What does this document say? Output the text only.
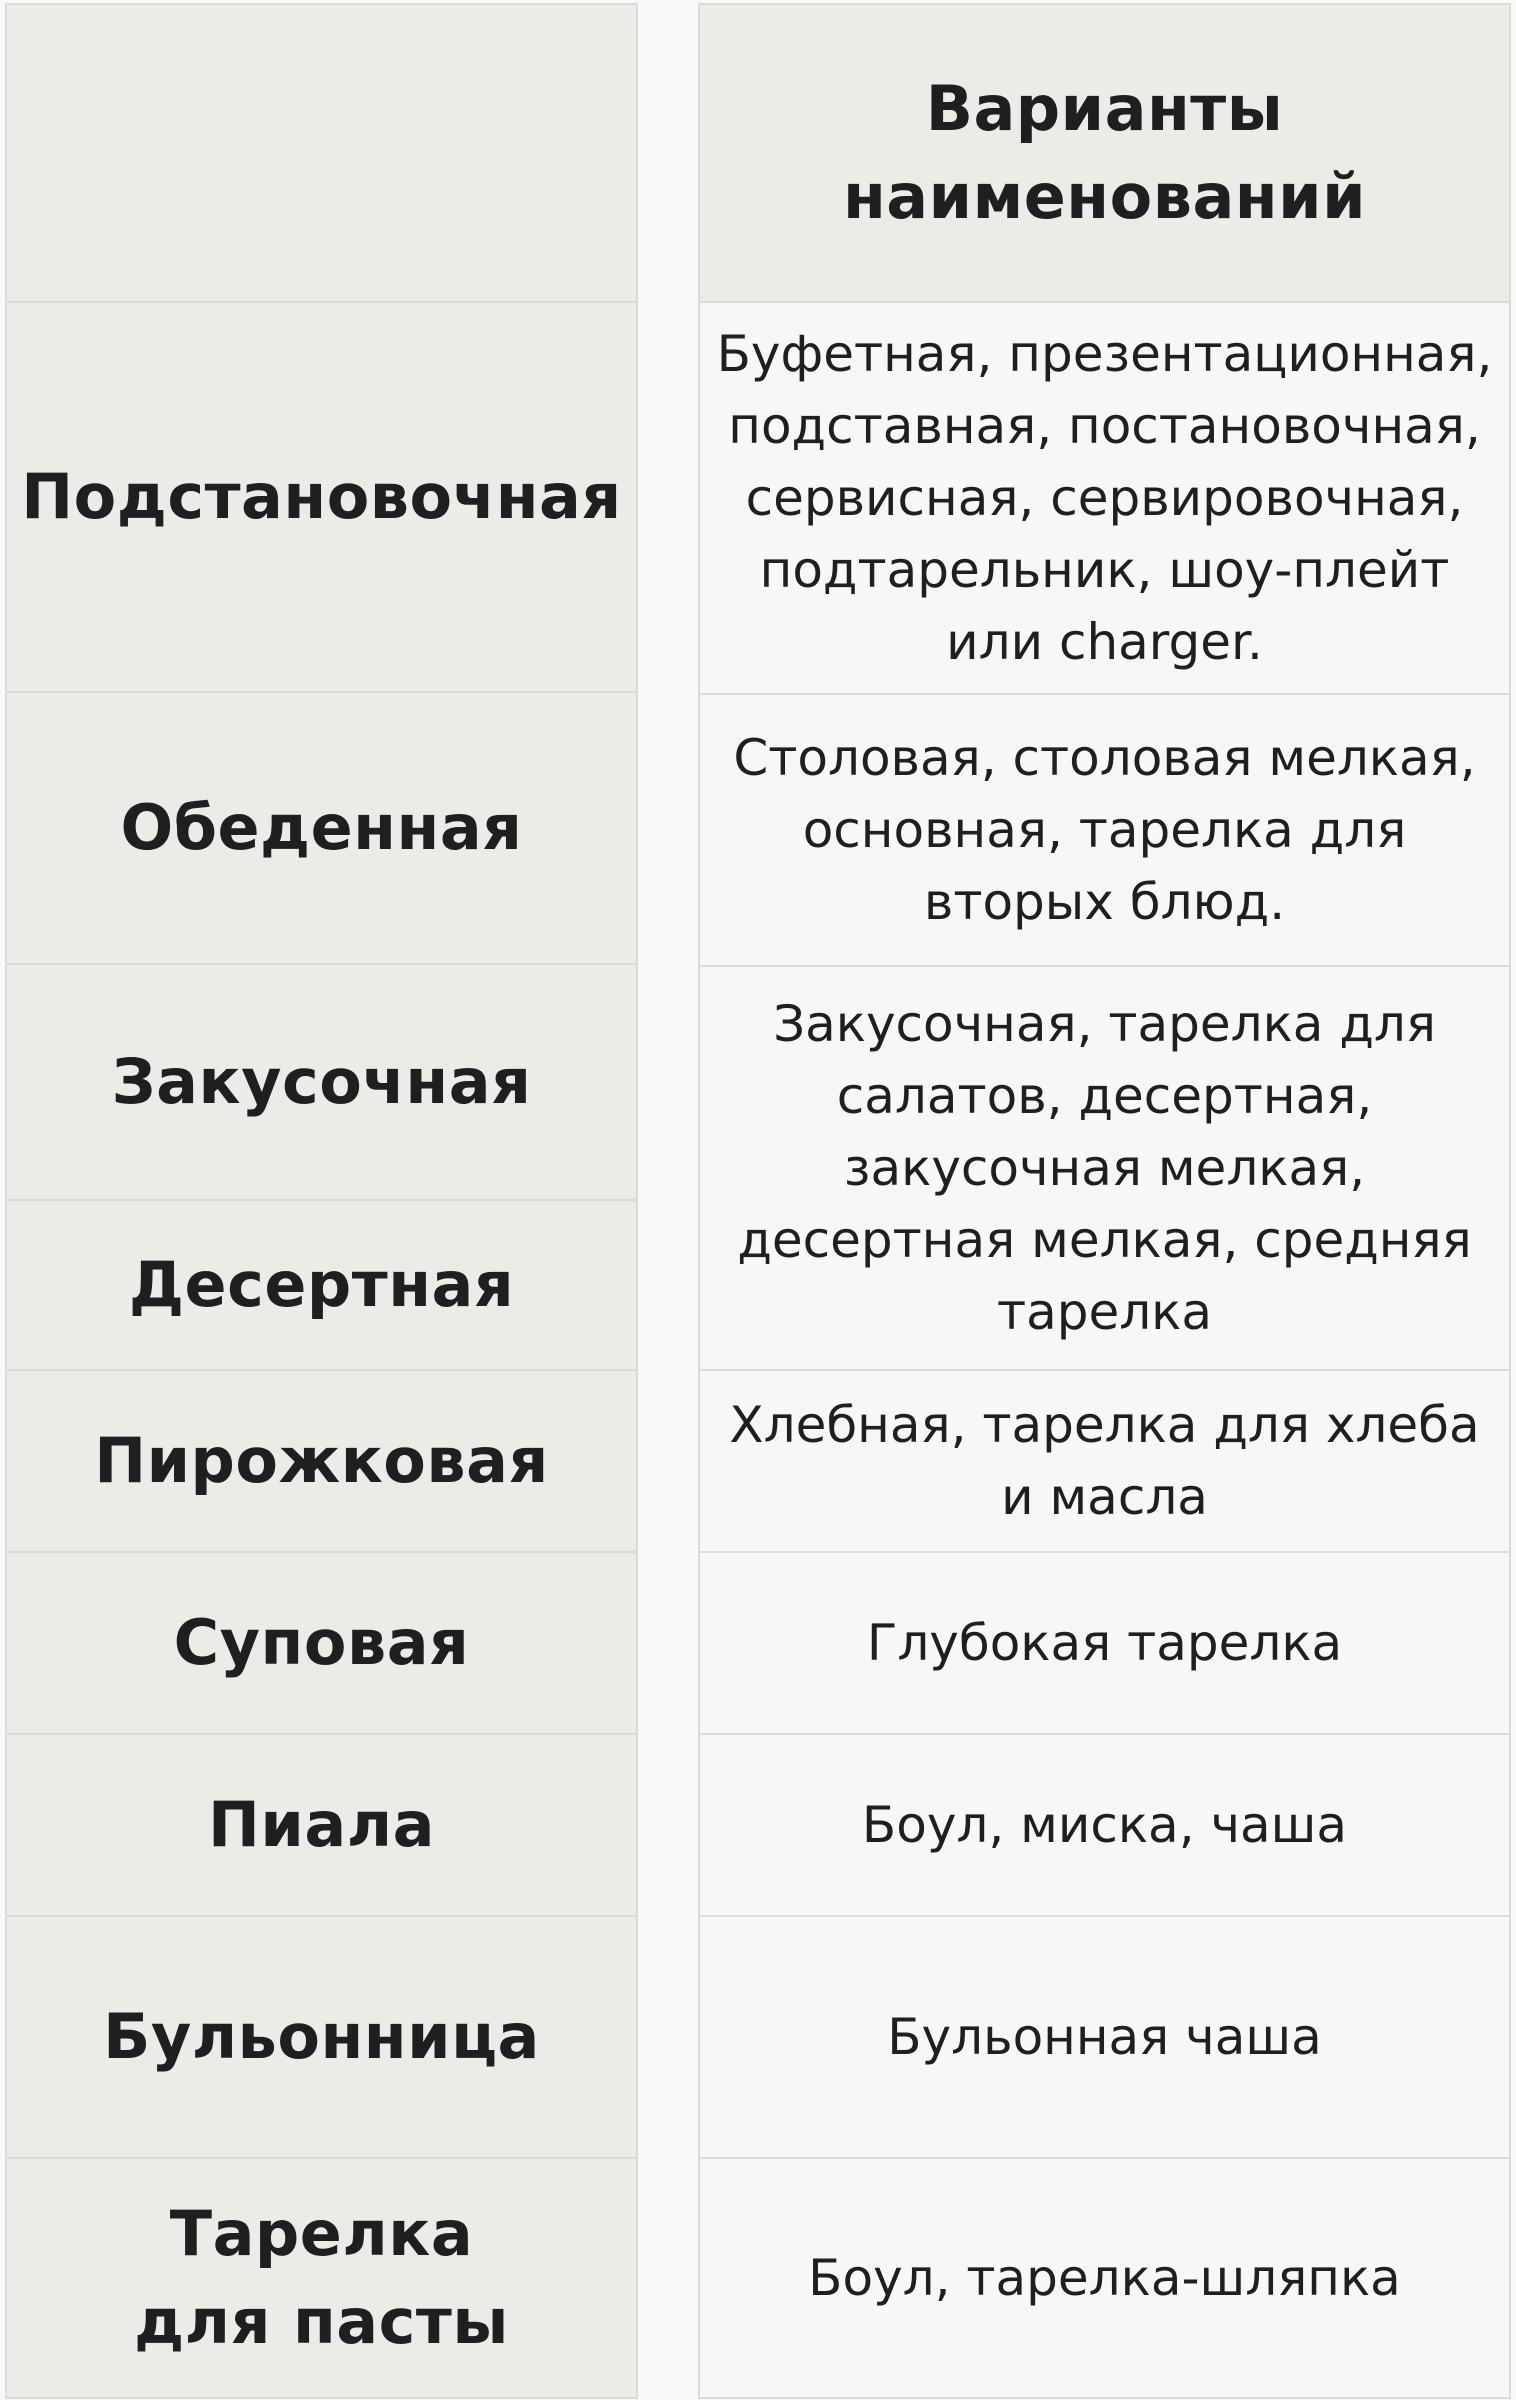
Подстановочная
Обеденная
Закусочная
Десертная
Пирожковая
Суповая
Пиала
Бульонница
Тарелка
для пасты
Варианты
наименований
Буфетная, презентационная, подставная, постановочная, сервисная, сервировочная, подтарельник, шоу-плейт или charger.
Столовая, столовая мелкая, основная, тарелка для вторых блюд.
Закусочная, тарелка для салатов, десертная, закусочная мелкая, десертная мелкая, средняя тарелка
Хлебная, тарелка для хлеба и масла
Глубокая тарелка
Боул, миска, чаша
Бульонная чаша
Боул, тарелка-шляпка
